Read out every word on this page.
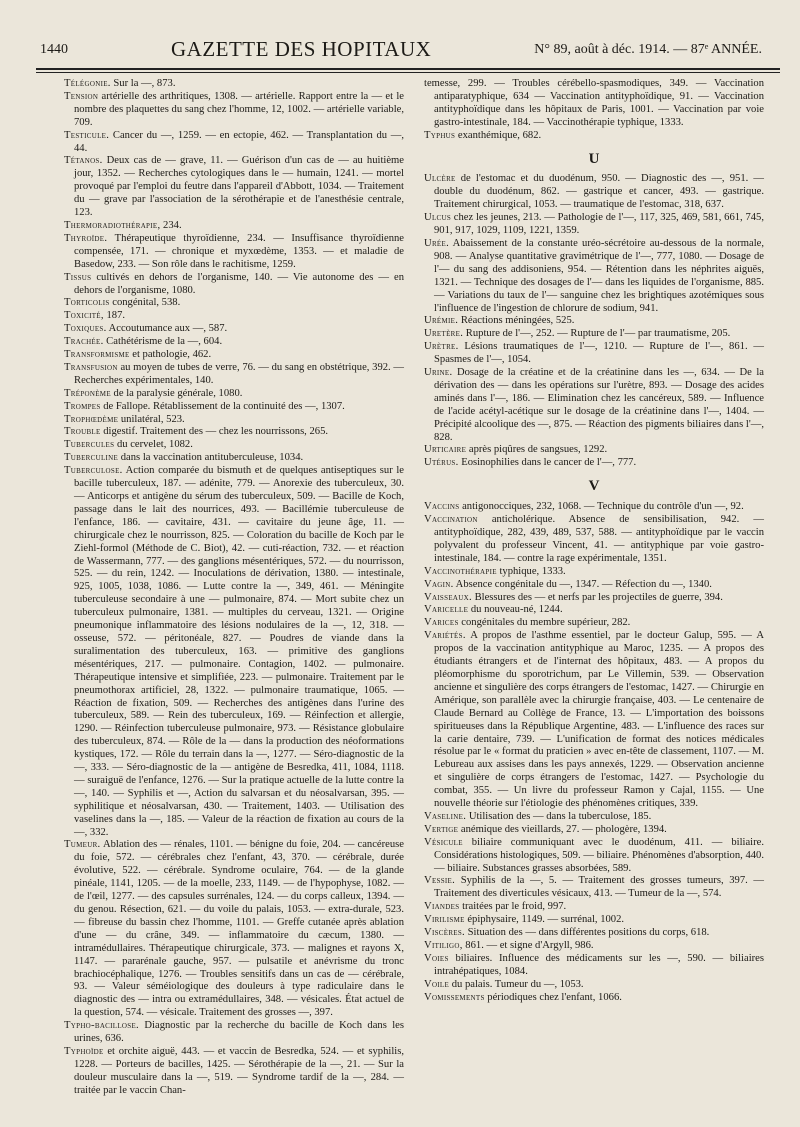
1440	GAZETTE DES HOPITAUX	N° 89, août à déc. 1914. — 87ᵉ ANNÉE.

Télégonie. Sur la —, 873.

Tension artérielle des arthritiques, 1308. — artérielle. Rapport entre la — et le nombre des plaquettes du sang chez l'homme, 12, 1002. — artérielle variable, 709.

Testicule. Cancer du —, 1259. — en ectopie, 462. — Transplantation du —, 44.

Tétanos. Deux cas de — grave, 11. — Guérison d'un cas de — au huitième jour, 1352. — Recherches cytologiques dans le — humain, 1241. — mortel provoqué par l'emploi du feutre dans l'appareil d'Abbott, 1034. — Traitement du — grave par l'association de la sérothérapie et de l'anesthésie centrale, 123.

Thermoradiothérapie, 234.

Thyroïde. Thérapeutique thyroïdienne, 234. — Insuffisance thyroïdienne compensée, 171. — chronique et myxœdème, 1353. — et maladie de Basedow, 233. — Son rôle dans le rachitisme, 1259.

Tissus cultivés en dehors de l'organisme, 140. — Vie autonome des — en dehors de l'organisme, 1080.

Torticolis congénital, 538.

Toxicité, 187.

Toxiques. Accoutumance aux —, 587.

Trachée. Cathétérisme de la —, 604.

Transformisme et pathologie, 462.

Transfusion au moyen de tubes de verre, 76. — du sang en obstétrique, 392. — Recherches expérimentales, 140.

Tréponème de la paralysie générale, 1080.

Trompes de Fallope. Rétablissement de la continuité des —, 1307.

Trophœdème unilatéral, 523.

Trouble digestif. Traitement des — chez les nourrissons, 265.

Tubercules du cervelet, 1082.

Tuberculine dans la vaccination antituberculeuse, 1034.

Tuberculose. Action comparée du bismuth et de quelques antiseptiques sur le bacille tuberculeux, 187. — adénite, 779. — Anorexie des tuberculeux, 30. — Anticorps et antigène du sérum des tuberculeux, 509. — Bacille de Koch, passage dans le lait des nourrices, 493. — Bacillémie tuberculeuse de l'enfance, 186. — cavitaire, 431. — cavitaire du jeune âge, 11. — chirurgicale chez le nourrisson, 825. — Coloration du bacille de Koch par le Ziehl-formol (Méthode de C. Biot), 42. — cuti-réaction, 732. — et réaction de Wassermann, 777. — des ganglions mésentériques, 572. — du nourrisson, 525. — du rein, 1242. — Inoculations de dérivation, 1380. — intestinale, 925, 1005, 1038, 1086. — Lutte contre la —, 349, 461. — Méningite tuberculeuse secondaire à une — pulmonaire, 874. — Mort subite chez un tuberculeux pulmonaire, 1381. — multiples du cerveau, 1321. — Origine pneumonique inflammatoire des lésions nodulaires de la —, 12, 318. — osseuse, 572. — péritonéale, 827. — Poudres de viande dans la suralimentation des tuberculeux, 163. — primitive des ganglions mésentériques, 217. — pulmonaire. Contagion, 1402. — pulmonaire. Thérapeutique intensive et simplifiée, 223. — pulmonaire. Traitement par le pneumothorax artificiel, 28, 1322. — pulmonaire traumatique, 1065. — Réaction de fixation, 509. — Recherches des antigènes dans l'urine des tuberculeux, 589. — Rein des tuberculeux, 169. — Réinfection et allergie, 1290. — Réinfection tuberculeuse pulmonaire, 973. — Résistance globulaire des tuberculeux, 874. — Rôle de la — dans la production des néoformations kystiques, 172. — Rôle du terrain dans la —, 1277. — Séro-diagnostic de la —, 333. — Séro-diagnostic de la — antigène de Besredka, 411, 1084, 1118. — suraiguë de l'enfance, 1276. — Sur la pratique actuelle de la lutte contre la —, 140. — Syphilis et —, Action du salvarsan et du néosalvarsan, 395. — syphilitique et néosalvarsan, 430. — Traitement, 1403. — Utilisation des vaselines dans la —, 185. — Valeur de la réaction de fixation au cours de la —, 332.

Tumeur. Ablation des — rénales, 1101. — bénigne du foie, 204. — cancéreuse du foie, 572. — cérébrales chez l'enfant, 43, 370. — cérébrale, durée évolutive, 522. — cérébrale. Syndrome oculaire, 764. — de la glande pinéale, 1141, 1205. — de la moelle, 233, 1149. — de l'hypophyse, 1082. — de l'œil, 1277. — des capsules surrénales, 124. — du corps calleux, 1394. — du genou. Résection, 621. — du voile du palais, 1053. — extra-durale, 523. — fibreuse du bassin chez l'homme, 1101. — Greffe cutanée après ablation d'une — du crâne, 349. — inflammatoire du cæcum, 1380. — intramédullaires. Thérapeutique chirurgicale, 373. — malignes et rayons X, 1147. — pararénale gauche, 957. — pulsatile et anévrisme du tronc brachiocéphalique, 1276. — Troubles sensitifs dans un cas de — cérébrale, 93. — Valeur séméiologique des douleurs à type radiculaire dans le diagnostic des — intra ou extramédullaires, 348. — vésicales. État actuel de la question, 574. — vésicale. Traitement des grosses —, 397.

Typho-bacillose. Diagnostic par la recherche du bacille de Koch dans les urines, 636.

Typhoïde et orchite aiguë, 443. — et vaccin de Besredka, 524. — et syphilis, 1228. — Porteurs de bacilles, 1425. — Sérothérapie de la —, 21. — Sur la douleur musculaire dans la —, 519. — Syndrome tardif de la —, 284. — traitée par le vaccin Chan-

temesse, 299. — Troubles cérébello-spasmodiques, 349. — Vaccination antiparatyphique, 634 — Vaccination antityphoïdique, 91. — Vaccination antityphoïdique dans les hôpitaux de Paris, 1001. — Vaccination par voie gastro-intestinale, 184. — Vaccinothérapie typhique, 1333.

Typhus exanthémique, 682.

U

Ulcère de l'estomac et du duodénum, 950. — Diagnostic des —, 951. — double du duodénum, 862. — gastrique et cancer, 493. — gastrique. Traitement chirurgical, 1053. — traumatique de l'estomac, 318, 637.

Ulcus chez les jeunes, 213. — Pathologie de l'—, 117, 325, 469, 581, 661, 745, 901, 917, 1029, 1109, 1221, 1359.

Urée. Abaissement de la constante uréo-sécrétoire au-dessous de la normale, 908. — Analyse quantitative gravimétrique de l'—, 777, 1080. — Dosage de l'— du sang des addisoniens, 954. — Rétention dans les néphrites aiguës, 1321. — Technique des dosages de l'— dans les liquides de l'organisme, 885. — Variations du taux de l'— sanguine chez les brightiques azotémiques sous l'influence de l'ingestion de chlorure de sodium, 941.

Urémie. Réactions méningées, 525.

Uretère. Rupture de l'—, 252. — Rupture de l'— par traumatisme, 205.

Urètre. Lésions traumatiques de l'—, 1210. — Rupture de l'—, 861. — Spasmes de l'—, 1054.

Urine. Dosage de la créatine et de la créatinine dans les —, 634. — De la dérivation des — dans les opérations sur l'urètre, 893. — Dosage des acides aminés dans l'—, 186. — Elimination chez les cancéreux, 589. — Influence de l'acide acétyl-acétique sur le dosage de la créatinine dans l'—, 1404. — Précipité alcoolique des —, 875. — Réaction des pigments biliaires dans l'—, 828.

Urticaire après piqûres de sangsues, 1292.

Utérus. Eosinophilies dans le cancer de l'—, 777.

V

Vaccins antigonocciques, 232, 1068. — Technique du contrôle d'un —, 92.

Vaccination anticholérique. Absence de sensibilisation, 942. — antityphoïdique, 282, 439, 489, 537, 588. — antityphoïdique par le vaccin polyvalent du professeur Vincent, 41. — antityphique par voie gastro-intestinale, 184. — contre la rage expérimentale, 1351.

Vaccinothérapie typhique, 1333.

Vagin. Absence congénitale du —, 1347. — Réfection du —, 1340.

Vaisseaux. Blessures des — et nerfs par les projectiles de guerre, 394.

Varicelle du nouveau-né, 1244.

Varices congénitales du membre supérieur, 282.

Variétés. A propos de l'asthme essentiel, par le docteur Galup, 595. — A propos de la vaccination antityphique au Maroc, 1235. — A propos des étudiants étrangers et de l'internat des hôpitaux, 483. — A propos du pléomorphisme du sporotrichum, par Le Villemin, 539. — Observation ancienne et singulière des corps étrangers de l'estomac, 1427. — Chirurgie en Amérique, son parallèle avec la chirurgie française, 403. — Le centenaire de Claude Bernard au Collège de France, 13. — L'importation des boissons spiritueuses dans la République Argentine, 483. — L'influence des races sur la carie dentaire, 739. — L'unification de format des notices médicales résolue par le « format du praticien » avec en-tête de classement, 1107. — M. Lebureau aux assises dans les pays annexés, 1229. — Observation ancienne et singulière de corps étrangers de l'estomac, 1427. — Psychologie du combat, 355. — Un livre du professeur Ramon y Cajal, 1155. — Une nouvelle théorie sur l'étiologie des phénomènes critiques, 339.

Vaseline. Utilisation des — dans la tuberculose, 185.

Vertige anémique des vieillards, 27. — phologère, 1394.

Vésicule biliaire communiquant avec le duodénum, 411. — biliaire. Considérations histologiques, 509. — biliaire. Phénomènes d'absorption, 440. — biliaire. Substances grasses absorbées, 589.

Vessie. Syphilis de la —, 5. — Traitement des grosses tumeurs, 397. — Traitement des diverticules vésicaux, 413. — Tumeur de la —, 574.

Viandes traitées par le froid, 997.

Virilisme épiphysaire, 1149. — surrénal, 1002.

Viscères. Situation des — dans différentes positions du corps, 618.

Vitiligo, 861. — et signe d'Argyll, 986.

Voies biliaires. Influence des médicaments sur les —, 590. — biliaires intrahépatiques, 1084.

Voile du palais. Tumeur du —, 1053.

Vomissements périodiques chez l'enfant, 1066.
